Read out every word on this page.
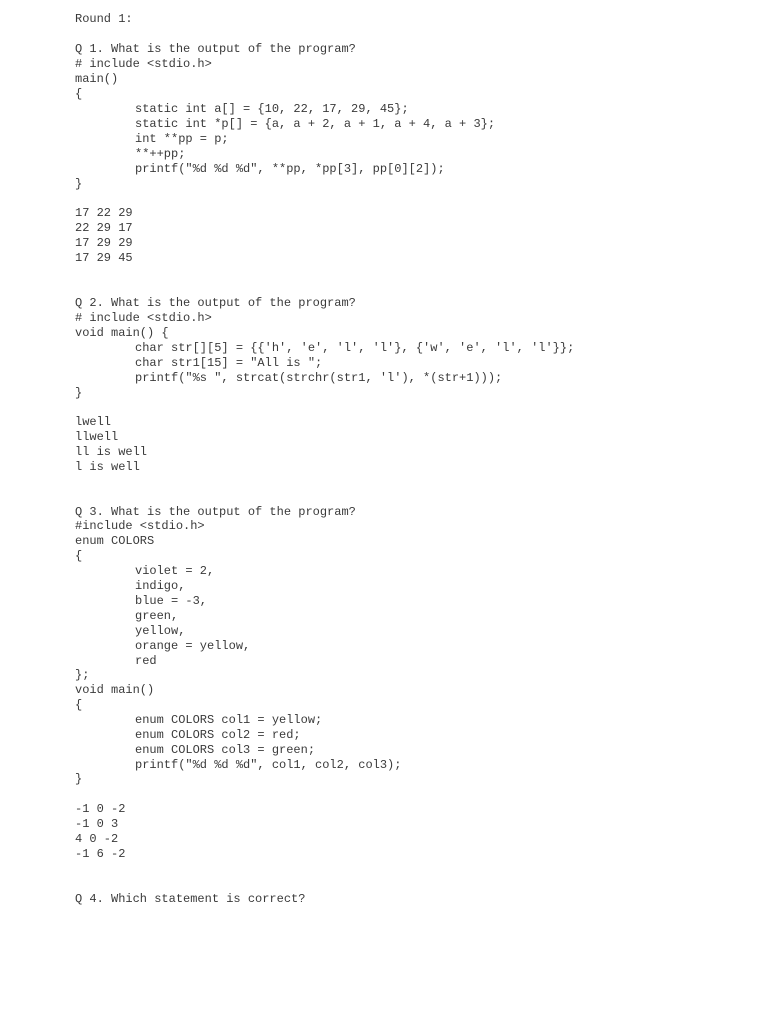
Round 1:
Q 1. What is the output of the program?
# include <stdio.h>
main()
{
static int a[] = {10, 22, 17, 29, 45};
static int *p[] = {a, a + 2, a + 1, a + 4, a + 3};
int **pp = p;
**++pp;
printf("%d %d %d", **pp, *pp[3], pp[0][2]);
}
17 22 29
22 29 17
17 29 29
17 29 45
Q 2. What is the output of the program?
# include <stdio.h>
void main() {
char str[][5] = {{'h', 'e', 'l', 'l'}, {'w', 'e', 'l', 'l'}};
char str1[15] = "All is ";
printf("%s ", strcat(strchr(str1, 'l'), *(str+1)));
}
lwell
llwell
ll is well
l is well
Q 3. What is the output of the program?
#include <stdio.h>
enum COLORS
{
violet = 2,
indigo,
blue = -3,
green,
yellow,
orange = yellow,
red
};
void main()
{
enum COLORS col1 = yellow;
enum COLORS col2 = red;
enum COLORS col3 = green;
printf("%d %d %d", col1, col2, col3);
}
-1 0 -2
-1 0 3
4 0 -2
-1 6 -2
Q 4. Which statement is correct?
